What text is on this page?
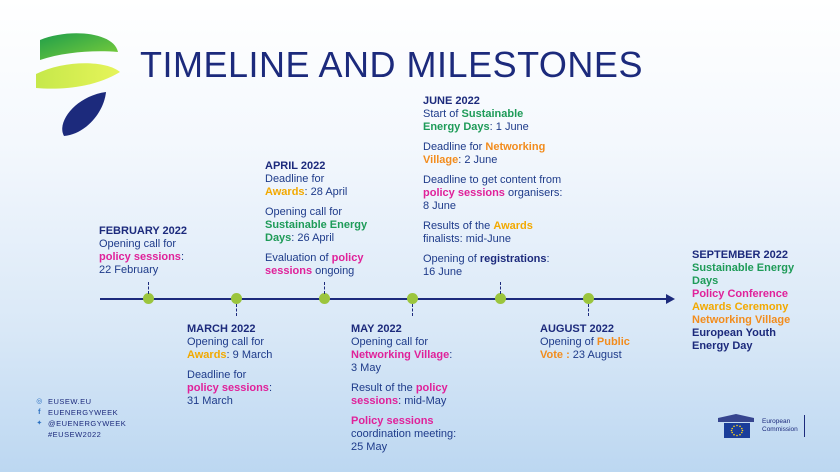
TIMELINE AND MILESTONES
FEBRUARY 2022

Opening call for
policy sessions:
22 February

MARCH 2022

Opening call for
Awards: 9 March

Deadline for
policy sessions:
31 March

APRIL 2022

Deadline for
Awards: 28 April

Opening call for
Sustainable Energy
Days: 26 April

Evaluation of policy
sessions ongoing

MAY 2022

Opening call for
Networking Village:
3 May

Result of the policy
sessions: mid-May

Policy sessions
coordination meeting:
25 May

JUNE 2022

Start of Sustainable
Energy Days: 1 June

Deadline for Networking
Village: 2 June

Deadline to get content from
policy sessions organisers:
8 June

Results of the Awards
finalists: mid-June

Opening of registrations:
16 June

AUGUST 2022

Opening of Public
Vote : 23 August

SEPTEMBER 2022
Sustainable Energy
Days
Policy Conference
Awards Ceremony
Networking Village
European Youth
Energy Day
◎ EUSEW.EU
f EUENERGYWEEK
✦ @EUENERGYWEEK
#EUSEW2022
European
Commission
